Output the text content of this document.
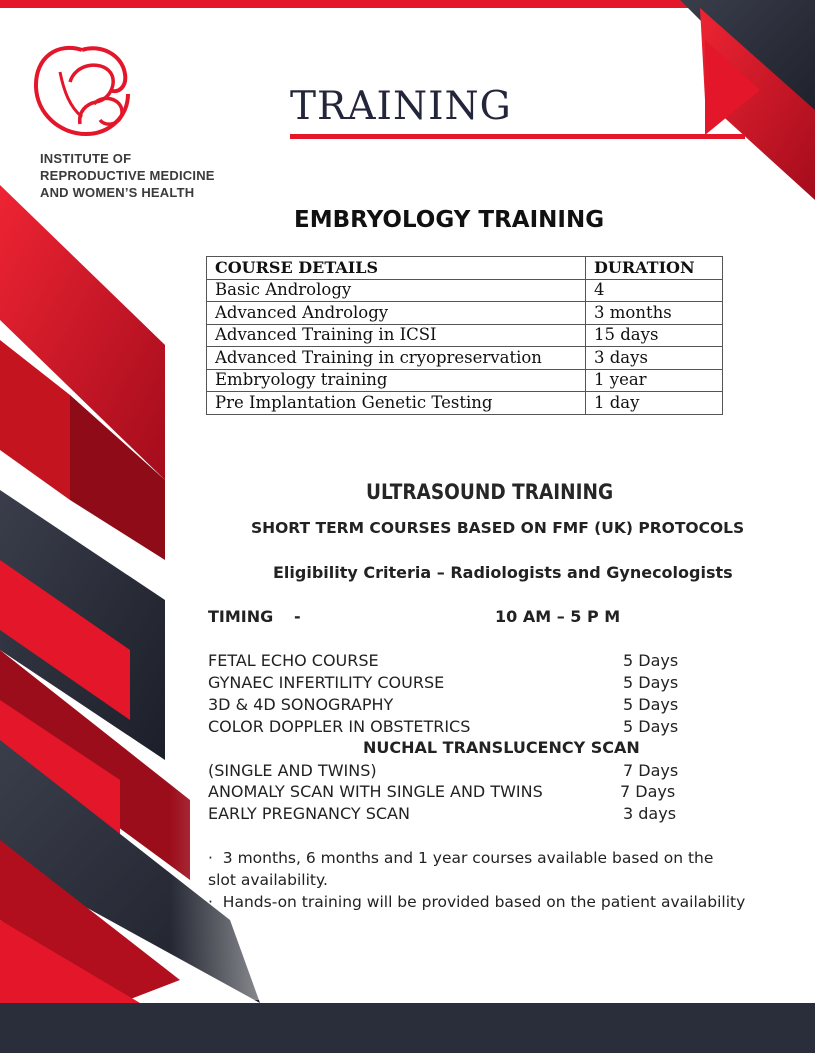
INSTITUTE OF
REPRODUCTIVE MEDICINE
AND WOMEN’S HEALTH
TRAINING
EMBRYOLOGY TRAINING
COURSE DETAILS	DURATION
Basic Andrology	4
Advanced Andrology	3 months
Advanced Training in ICSI	15 days
Advanced Training in cryopreservation	3 days
Embryology training	1 year
Pre Implantation Genetic Testing	1 day
ULTRASOUND TRAINING
SHORT TERM COURSES BASED ON FMF (UK) PROTOCOLS
Eligibility Criteria – Radiologists and Gynecologists
TIMING -	10 AM – 5 P M
FETAL ECHO COURSE	5 Days
GYNAEC INFERTILITY COURSE	5 Days
3D & 4D SONOGRAPHY	5 Days
COLOR DOPPLER IN OBSTETRICS	5 Days
NUCHAL TRANSLUCENCY SCAN
(SINGLE AND TWINS)	7 Days
ANOMALY SCAN WITH SINGLE AND TWINS	7 Days
EARLY PREGNANCY SCAN	3 days
· 3 months, 6 months and 1 year courses available based on the
slot availability.
· Hands-on training will be provided based on the patient availability
